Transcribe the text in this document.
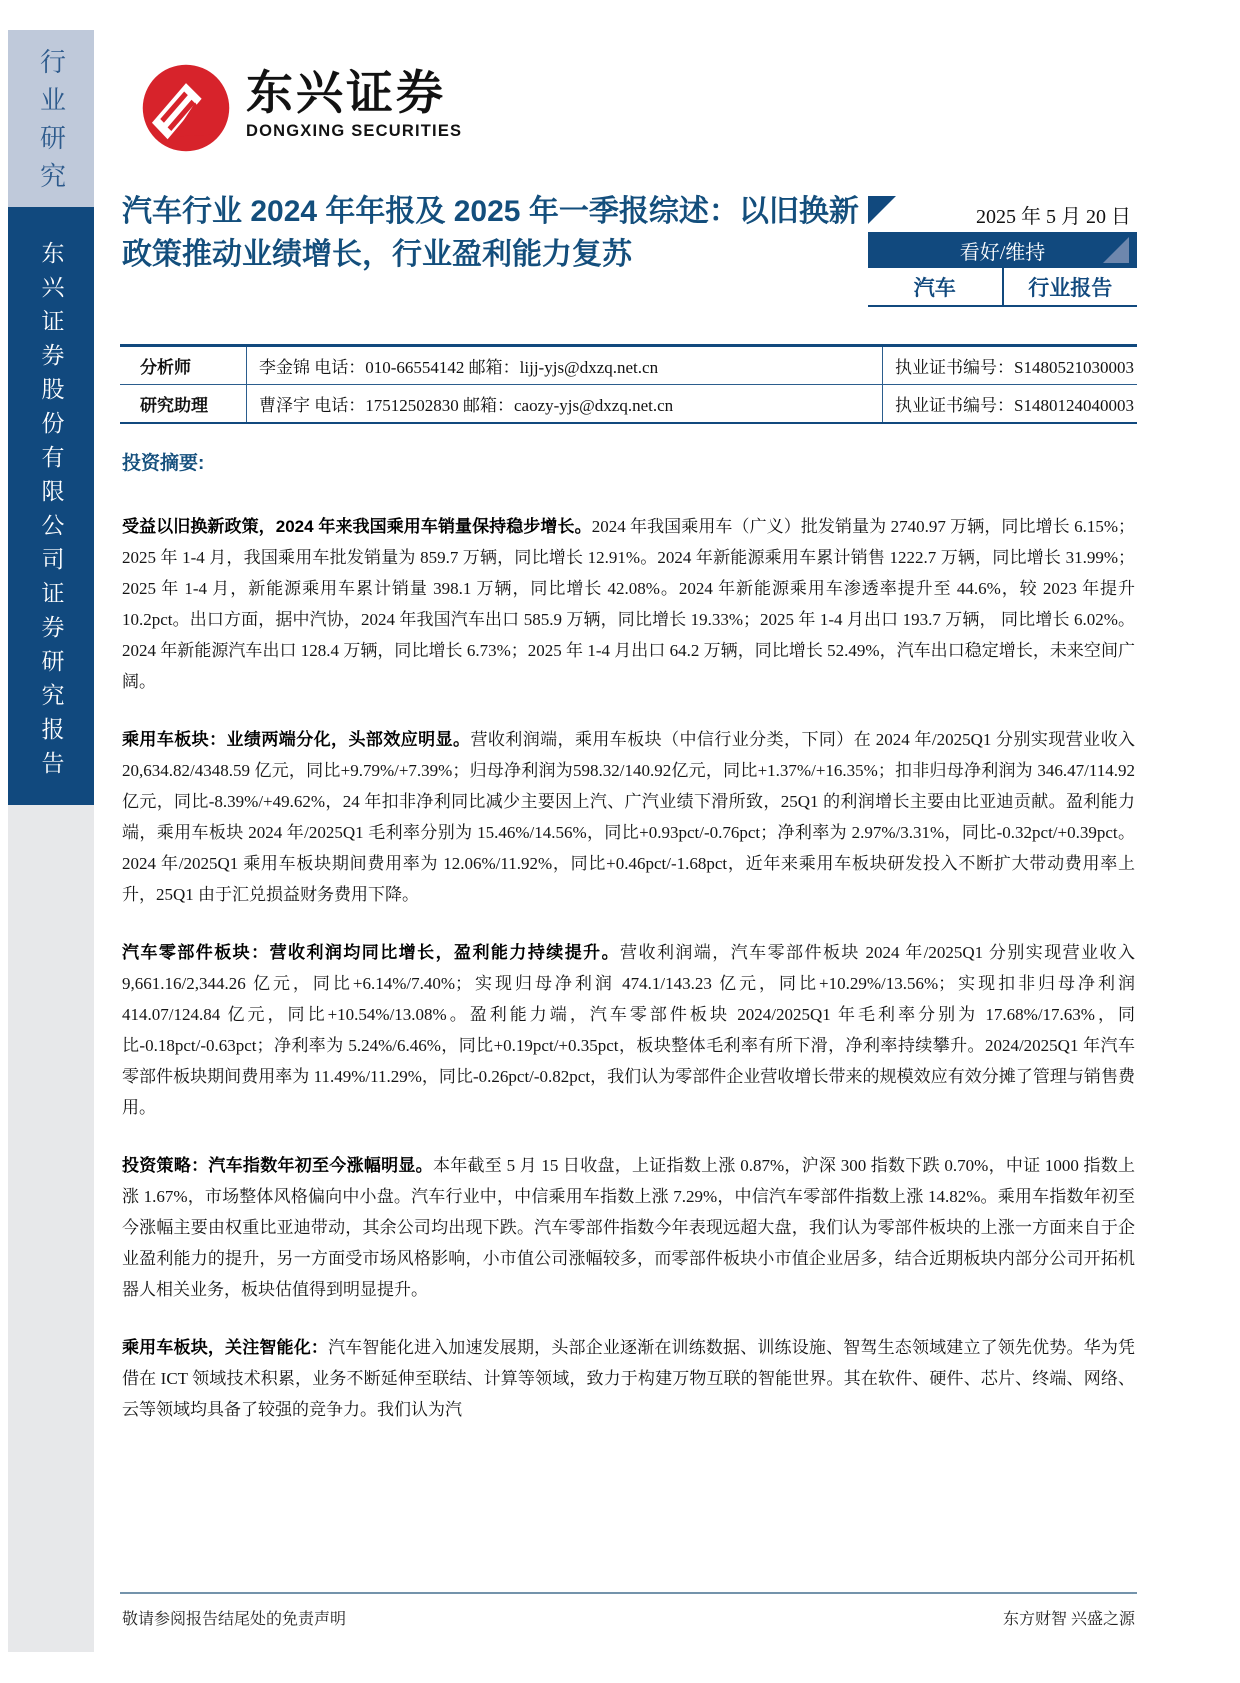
行业研究
东兴证券股份有限公司证券研究报告
东兴证券
DONGXING SECURITIES
汽车行业 2024 年年报及 2025 年一季报综述：以旧换新政策推动业绩增长，行业盈利能力复苏
2025 年 5 月 20 日
看好/维持
汽车	行业报告
分析师	李金锦 电话：010-66554142 邮箱：lijj-yjs@dxzq.net.cn	执业证书编号：S1480521030003
研究助理	曹泽宇 电话：17512502830 邮箱：caozy-yjs@dxzq.net.cn	执业证书编号：S1480124040003
投资摘要:

受益以旧换新政策，2024 年来我国乘用车销量保持稳步增长。2024 年我国乘用车（广义）批发销量为 2740.97 万辆，同比增长 6.15%；2025 年 1-4 月，我国乘用车批发销量为 859.7 万辆，同比增长 12.91%。2024 年新能源乘用车累计销售 1222.7 万辆，同比增长 31.99%；2025 年 1-4 月，新能源乘用车累计销量 398.1 万辆，同比增长 42.08%。2024 年新能源乘用车渗透率提升至 44.6%，较 2023 年提升 10.2pct。出口方面，据中汽协，2024 年我国汽车出口 585.9 万辆，同比增长 19.33%；2025 年 1-4 月出口 193.7 万辆， 同比增长 6.02%。2024 年新能源汽车出口 128.4 万辆，同比增长 6.73%；2025 年 1-4 月出口 64.2 万辆，同比增长 52.49%，汽车出口稳定增长，未来空间广阔。

乘用车板块：业绩两端分化，头部效应明显。营收利润端，乘用车板块（中信行业分类，下同）在 2024 年/2025Q1 分别实现营业收入 20,634.82/4348.59 亿元，同比+9.79%/+7.39%；归母净利润为598.32/140.92亿元，同比+1.37%/+16.35%；扣非归母净利润为 346.47/114.92 亿元，同比-8.39%/+49.62%，24 年扣非净利同比减少主要因上汽、广汽业绩下滑所致，25Q1 的利润增长主要由比亚迪贡献。盈利能力端，乘用车板块 2024 年/2025Q1 毛利率分别为 15.46%/14.56%，同比+0.93pct/-0.76pct；净利率为 2.97%/3.31%，同比-0.32pct/+0.39pct。2024 年/2025Q1 乘用车板块期间费用率为 12.06%/11.92%，同比+0.46pct/-1.68pct，近年来乘用车板块研发投入不断扩大带动费用率上升，25Q1 由于汇兑损益财务费用下降。

汽车零部件板块：营收利润均同比增长，盈利能力持续提升。营收利润端，汽车零部件板块 2024 年/2025Q1 分别实现营业收入 9,661.16/2,344.26 亿元，同比+6.14%/7.40%；实现归母净利润 474.1/143.23 亿元，同比+10.29%/13.56%；实现扣非归母净利润 414.07/124.84 亿元，同比+10.54%/13.08%。盈利能力端，汽车零部件板块 2024/2025Q1 年毛利率分别为 17.68%/17.63%，同比-0.18pct/-0.63pct；净利率为 5.24%/6.46%，同比+0.19pct/+0.35pct，板块整体毛利率有所下滑，净利率持续攀升。2024/2025Q1 年汽车零部件板块期间费用率为 11.49%/11.29%，同比-0.26pct/-0.82pct，我们认为零部件企业营收增长带来的规模效应有效分摊了管理与销售费用。

投资策略：汽车指数年初至今涨幅明显。本年截至 5 月 15 日收盘，上证指数上涨 0.87%，沪深 300 指数下跌 0.70%，中证 1000 指数上涨 1.67%，市场整体风格偏向中小盘。汽车行业中，中信乘用车指数上涨 7.29%，中信汽车零部件指数上涨 14.82%。乘用车指数年初至今涨幅主要由权重比亚迪带动，其余公司均出现下跌。汽车零部件指数今年表现远超大盘，我们认为零部件板块的上涨一方面来自于企业盈利能力的提升，另一方面受市场风格影响，小市值公司涨幅较多，而零部件板块小市值企业居多，结合近期板块内部分公司开拓机器人相关业务，板块估值得到明显提升。

乘用车板块，关注智能化：汽车智能化进入加速发展期，头部企业逐渐在训练数据、训练设施、智驾生态领域建立了领先优势。华为凭借在 ICT 领域技术积累，业务不断延伸至联结、计算等领域，致力于构建万物互联的智能世界。其在软件、硬件、芯片、终端、网络、云等领域均具备了较强的竞争力。我们认为汽

敬请参阅报告结尾处的免责声明	东方财智 兴盛之源
